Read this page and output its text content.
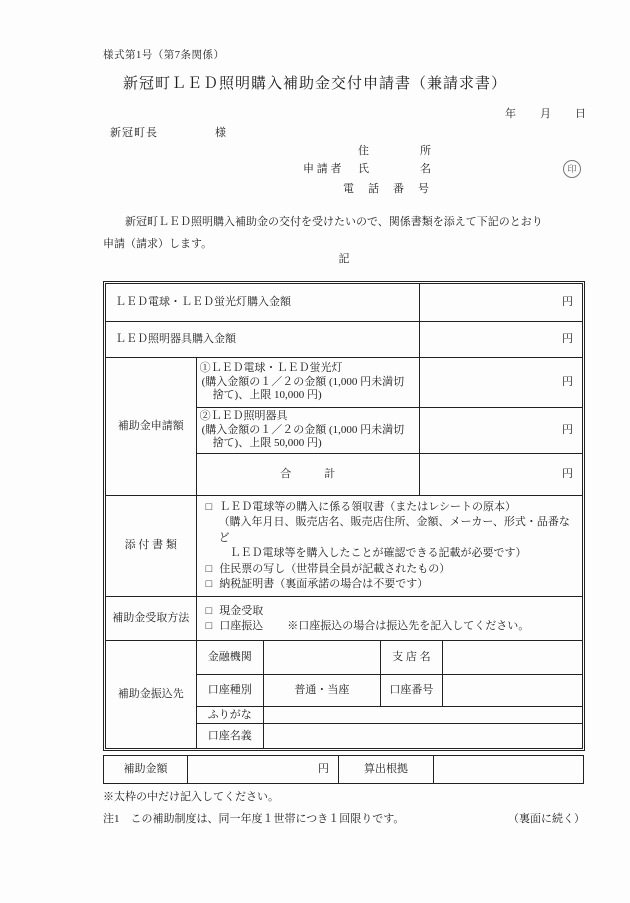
様式第1号（第7条関係）
新冠町ＬＥＤ照明購入補助金交付申請書（兼請求書）
年月日
新冠町長	様
申 請 者
住所
氏名
電話番号
印
新冠町ＬＥＤ照明購入補助金の交付を受けたいので、関係書類を添えて下記のとおり
申請（請求）します。
記
ＬＥＤ電球・ＬＥＤ蛍光灯購入金額				円	
ＬＥＤ照明器具購入金額				円	
補助金申請額	①ＬＥＤ電球・ＬＥＤ蛍光灯
(購入金額の１／２の金額 (1,000 円未満切
捨て)、上限 10,000 円)			円	

	②ＬＥＤ照明器具
(購入金額の１／２の金額 (1,000 円未満切
捨て)、上限 50,000 円)			円	
	合　　　計			円	
添 付 書 類	□ ＬＥＤ電球等の購入に係る領収書（またはレシートの原本）
（購入年月日、販売店名、販売店住所、金額、メーカー、形式・品番など
ＬＥＤ電球等を購入したことが確認できる記載が必要です）
□ 住民票の写し（世帯員全員が記載されたもの）
□ 納税証明書（裏面承諾の場合は不要です）				

補助金受取方法	□ 現金受取
□ 口座振込 ※口座振込の場合は振込先を記入してください。				

補助金振込先	金融機関		支 店 名		
	口座種別	普通・当座	口座番号		
	ふりがな				
	口座名義				
補助金額	円	算出根拠	
※太枠の中だけ記入してください。
注1　この補助制度は、同一年度１世帯につき１回限りです。	（裏面に続く）
